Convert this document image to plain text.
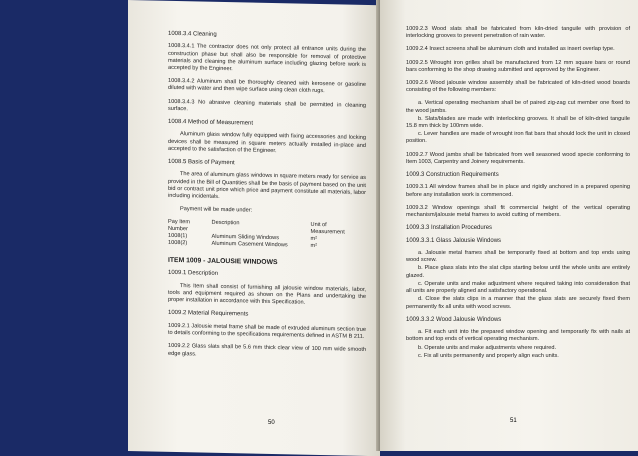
1008.3.4 Cleaning

1008.3.4.1 The contractor does not only protect all entrance units during the construction phase but shall also be responsible for removal of protective materials and cleaning the aluminum surface including glazing before work is accepted by the Engineer.

1008.3.4.2 Aluminum shall be thoroughly cleaned with kerosene or gasoline diluted with water and then wipe surface using clean cloth rugs.

1008.3.4.3 No abrasive cleaning materials shall be permitted in cleaning surface.

1008.4 Method of Measurement

Aluminum glass window fully equipped with fixing accessories and locking devices shall be measured in square meters actually installed in-place and accepted to the satisfaction of the Engineer.

1008.5 Basis of Payment

The area of aluminum glass windows in square meters ready for service as provided in the Bill of Quantities shall be the basis of payment based on the unit bid or contract unit price which price and payment constitute all materials, labor including incidentals.

Payment will be made under:

Pay Item Number	Description	Unit of Measurement
1008(1)	Aluminum Sliding Windows	m²
1008(2)	Aluminum Casement Windows	m²

ITEM 1009 - JALOUSIE WINDOWS

1009.1 Description

This Item shall consist of furnishing all jalousie window materials, labor, tools and equipment required as shown on the Plans and undertaking the proper installation in accordance with this Specification.

1009.2 Material Requirements

1009.2.1 Jalousie metal frame shall be made of extruded aluminum section true to details conforming to the specifications requirements defined in ASTM B 211.

1009.2.2 Glass slats shall be 5.6 mm thick clear view of 100 mm wide smooth edge glass.

50

1009.2.3 Wood slats shall be fabricated from kiln-dried tanguile with provision of interlocking grooves to prevent penetration of rain water.

1009.2.4 Insect screens shall be aluminum cloth and installed as insert overlap type.

1009.2.5 Wrought iron grilles shall be manufactured from 12 mm square bars or round bars conforming to the shop drawing submitted and approved by the Engineer.

1009.2.6 Wood jalousie window assembly shall be fabricated of kiln-dried wood boards consisting of the following members:

a. Vertical operating mechanism shall be of paired zig-zag cut member one fixed to the wood jambs.

b. Slats/blades are made with interlocking grooves. It shall be of kiln-dried tanguile 15.8 mm thick by 100mm wide.

c. Lever handles are made of wrought iron flat bars that should lock the unit in closed position.

1009.2.7 Wood jambs shall be fabricated from well seasoned wood specie conforming to Item 1003, Carpentry and Joinery requirements.

1009.3 Construction Requirements

1009.3.1 All window frames shall be in place and rigidly anchored in a prepared opening before any installation work is commenced.

1009.3.2 Window openings shall fit commercial height of the vertical operating mechanism/jalousie metal frames to avoid cutting of members.

1009.3.3 Installation Procedures

1009.3.3.1 Glass Jalousie Windows

a. Jalousie metal frames shall be temporarily fixed at bottom and top ends using wood screw.

b. Place glass slats into the slat clips starting below until the whole units are entirely glazed.

c. Operate units and make adjustment where required taking into consideration that all units are properly aligned and satisfactory operational.

d. Close the slats clips in a manner that the glass slats are securely fixed them permanently fix all units with wood screws.

1009.3.3.2 Wood Jalousie Windows

a. Fit each unit into the prepared window opening and temporarily fix with nails at bottom and top ends of vertical operating mechanism.

b. Operate units and make adjustments where required.

c. Fix all units permanently and properly align each units.

51
